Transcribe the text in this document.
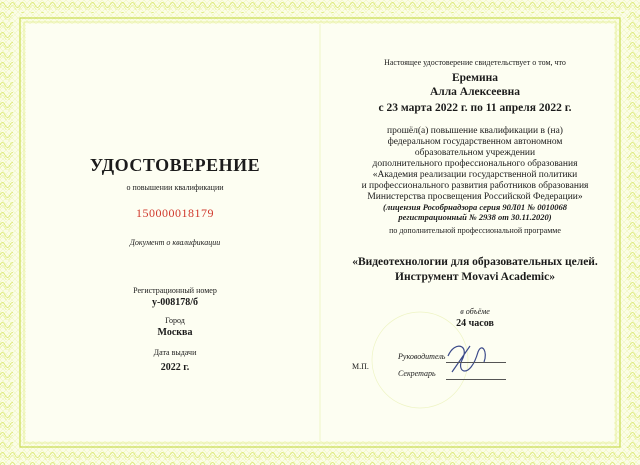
УДОСТОВЕРЕНИЕ
о повышении квалификации
150000018179
Документ о квалификации
Регистрационный номер
у-008178/б
Город
Москва
Дата выдачи
2022 г.
Настоящее удостоверение свидетельствует о том, что
Еремина
Алла Алексеевна
с 23 марта 2022 г. по 11 апреля 2022 г.
прошёл(а) повышение квалификации в (на)
федеральном государственном автономном
образовательном учреждении
дополнительного профессионального образования
«Академия реализации государственной политики
и профессионального развития работников образования
Министерства просвещения Российской Федерации»
(лицензия Рособрнадзора серия 90Л01 № 0010068
регистрационный № 2938 от 30.11.2020)
по дополнительной профессиональной программе
«Видеотехнологии для образовательных целей.
Инструмент Movavi Academic»
в объёме
24 часов
М.П.
Руководитель
Секретарь
